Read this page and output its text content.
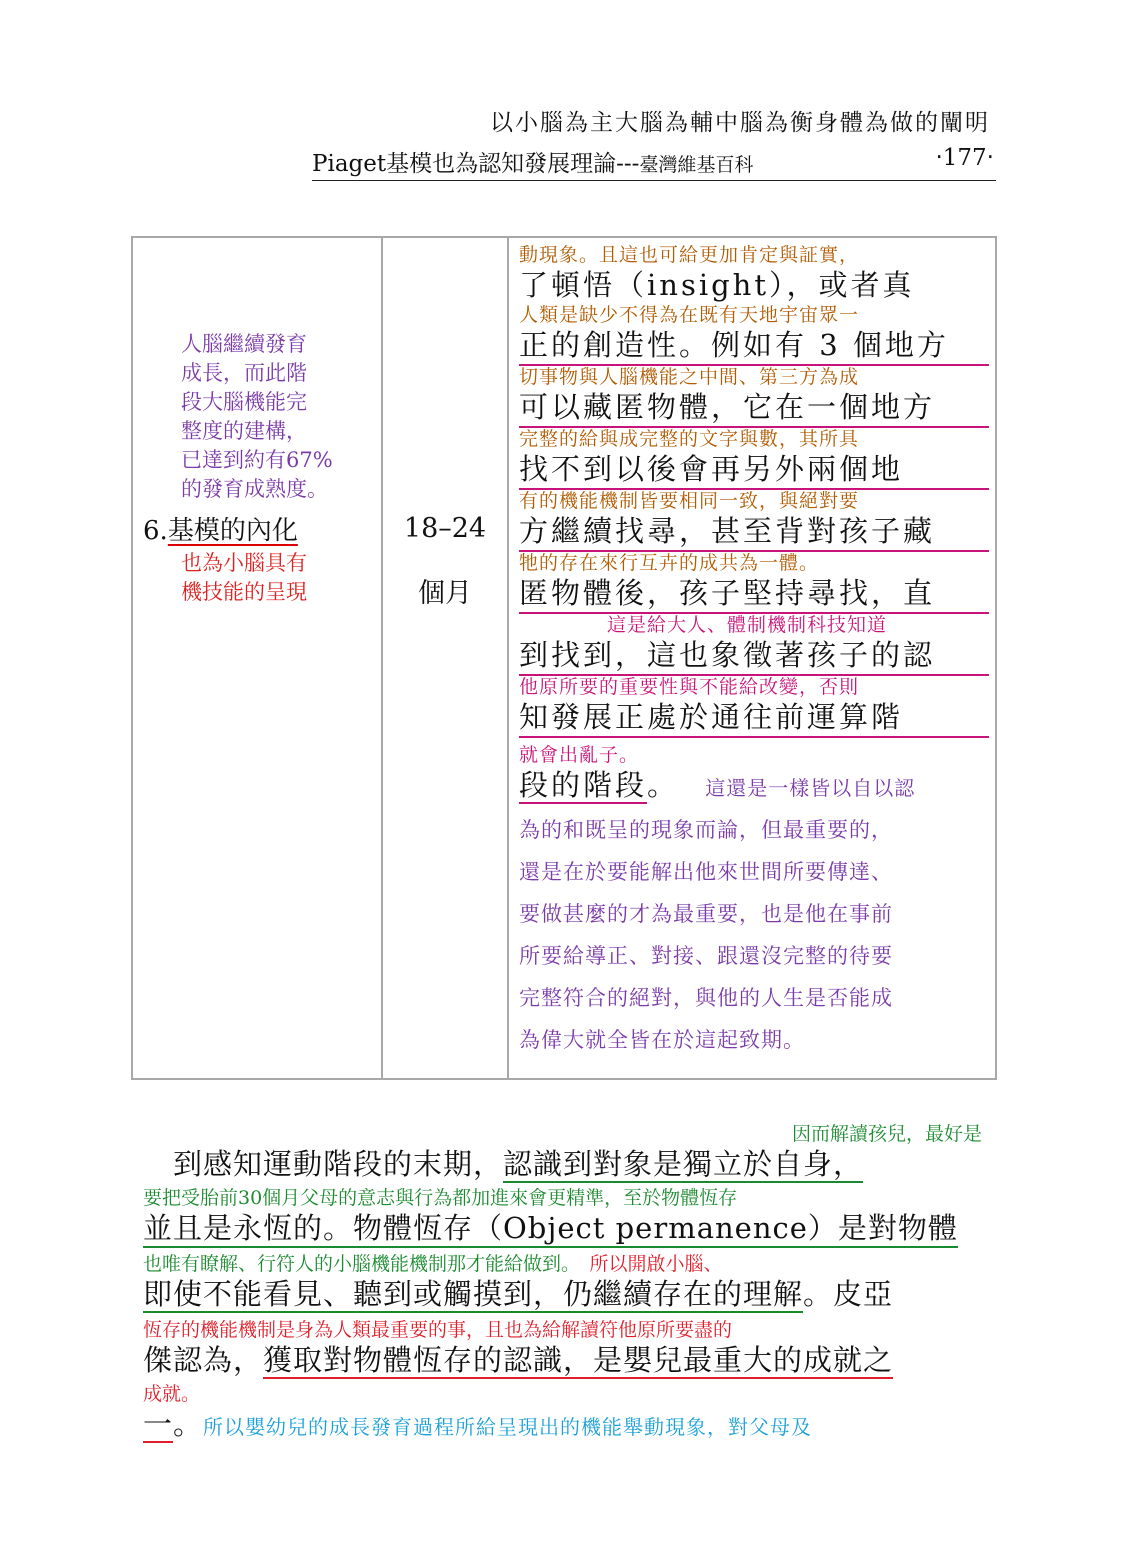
以小腦為主大腦為輔中腦為衡身體為做的闡明
Piaget基模也為認知發展理論---臺灣維基百科	‧177‧
人腦繼續發育
成長，而此階
段大腦機能完
整度的建構，
已達到約有67%
的發育成熟度。
6.基模的內化
也為小腦具有
機技能的呈現
18–24
個月
動現象。且這也可給更加肯定與証實，
了頓悟（insight），或者真
人類是缺少不得為在既有天地宇宙眾一
正的創造性。例如有 3 個地方
切事物與人腦機能之中間、第三方為成
可以藏匿物體，它在一個地方
完整的給與成完整的文字與數，其所具
找不到以後會再另外兩個地
有的機能機制皆要相同一致，與絕對要
方繼續找尋，甚至背對孩子藏
牠的存在來行互卉的成共為一體。
匿物體後，孩子堅持尋找，直
這是給大人、體制機制科技知道
到找到，這也象徵著孩子的認
他原所要的重要性與不能給改變，否則
知發展正處於通往前運算階
就會出亂子。
段的階段。 這還是一樣皆以自以認
為的和既呈的現象而論，但最重要的，
還是在於要能解出他來世間所要傳達、
要做甚麼的才為最重要，也是他在事前
所要給導正、對接、跟還沒完整的待要
完整符合的絕對，與他的人生是否能成
為偉大就全皆在於這起致期。
因而解讀孩兒，最好是
　到感知運動階段的末期，認識到對象是獨立於自身，
要把受胎前30個月父母的意志與行為都加進來會更精準，至於物體恆存
並且是永恆的。物體恆存（Object permanence）是對物體
也唯有瞭解、行符人的小腦機能機制那才能給做到。　 所以開啟小腦、
即使不能看見、聽到或觸摸到，仍繼續存在的理解。皮亞
恆存的機能機制是身為人類最重要的事，且也為給解讀符他原所要盡的
傑認為，獲取對物體恆存的認識，是嬰兒最重大的成就之
成就。
一。所以嬰幼兒的成長發育過程所給呈現出的機能舉動現象，對父母及
